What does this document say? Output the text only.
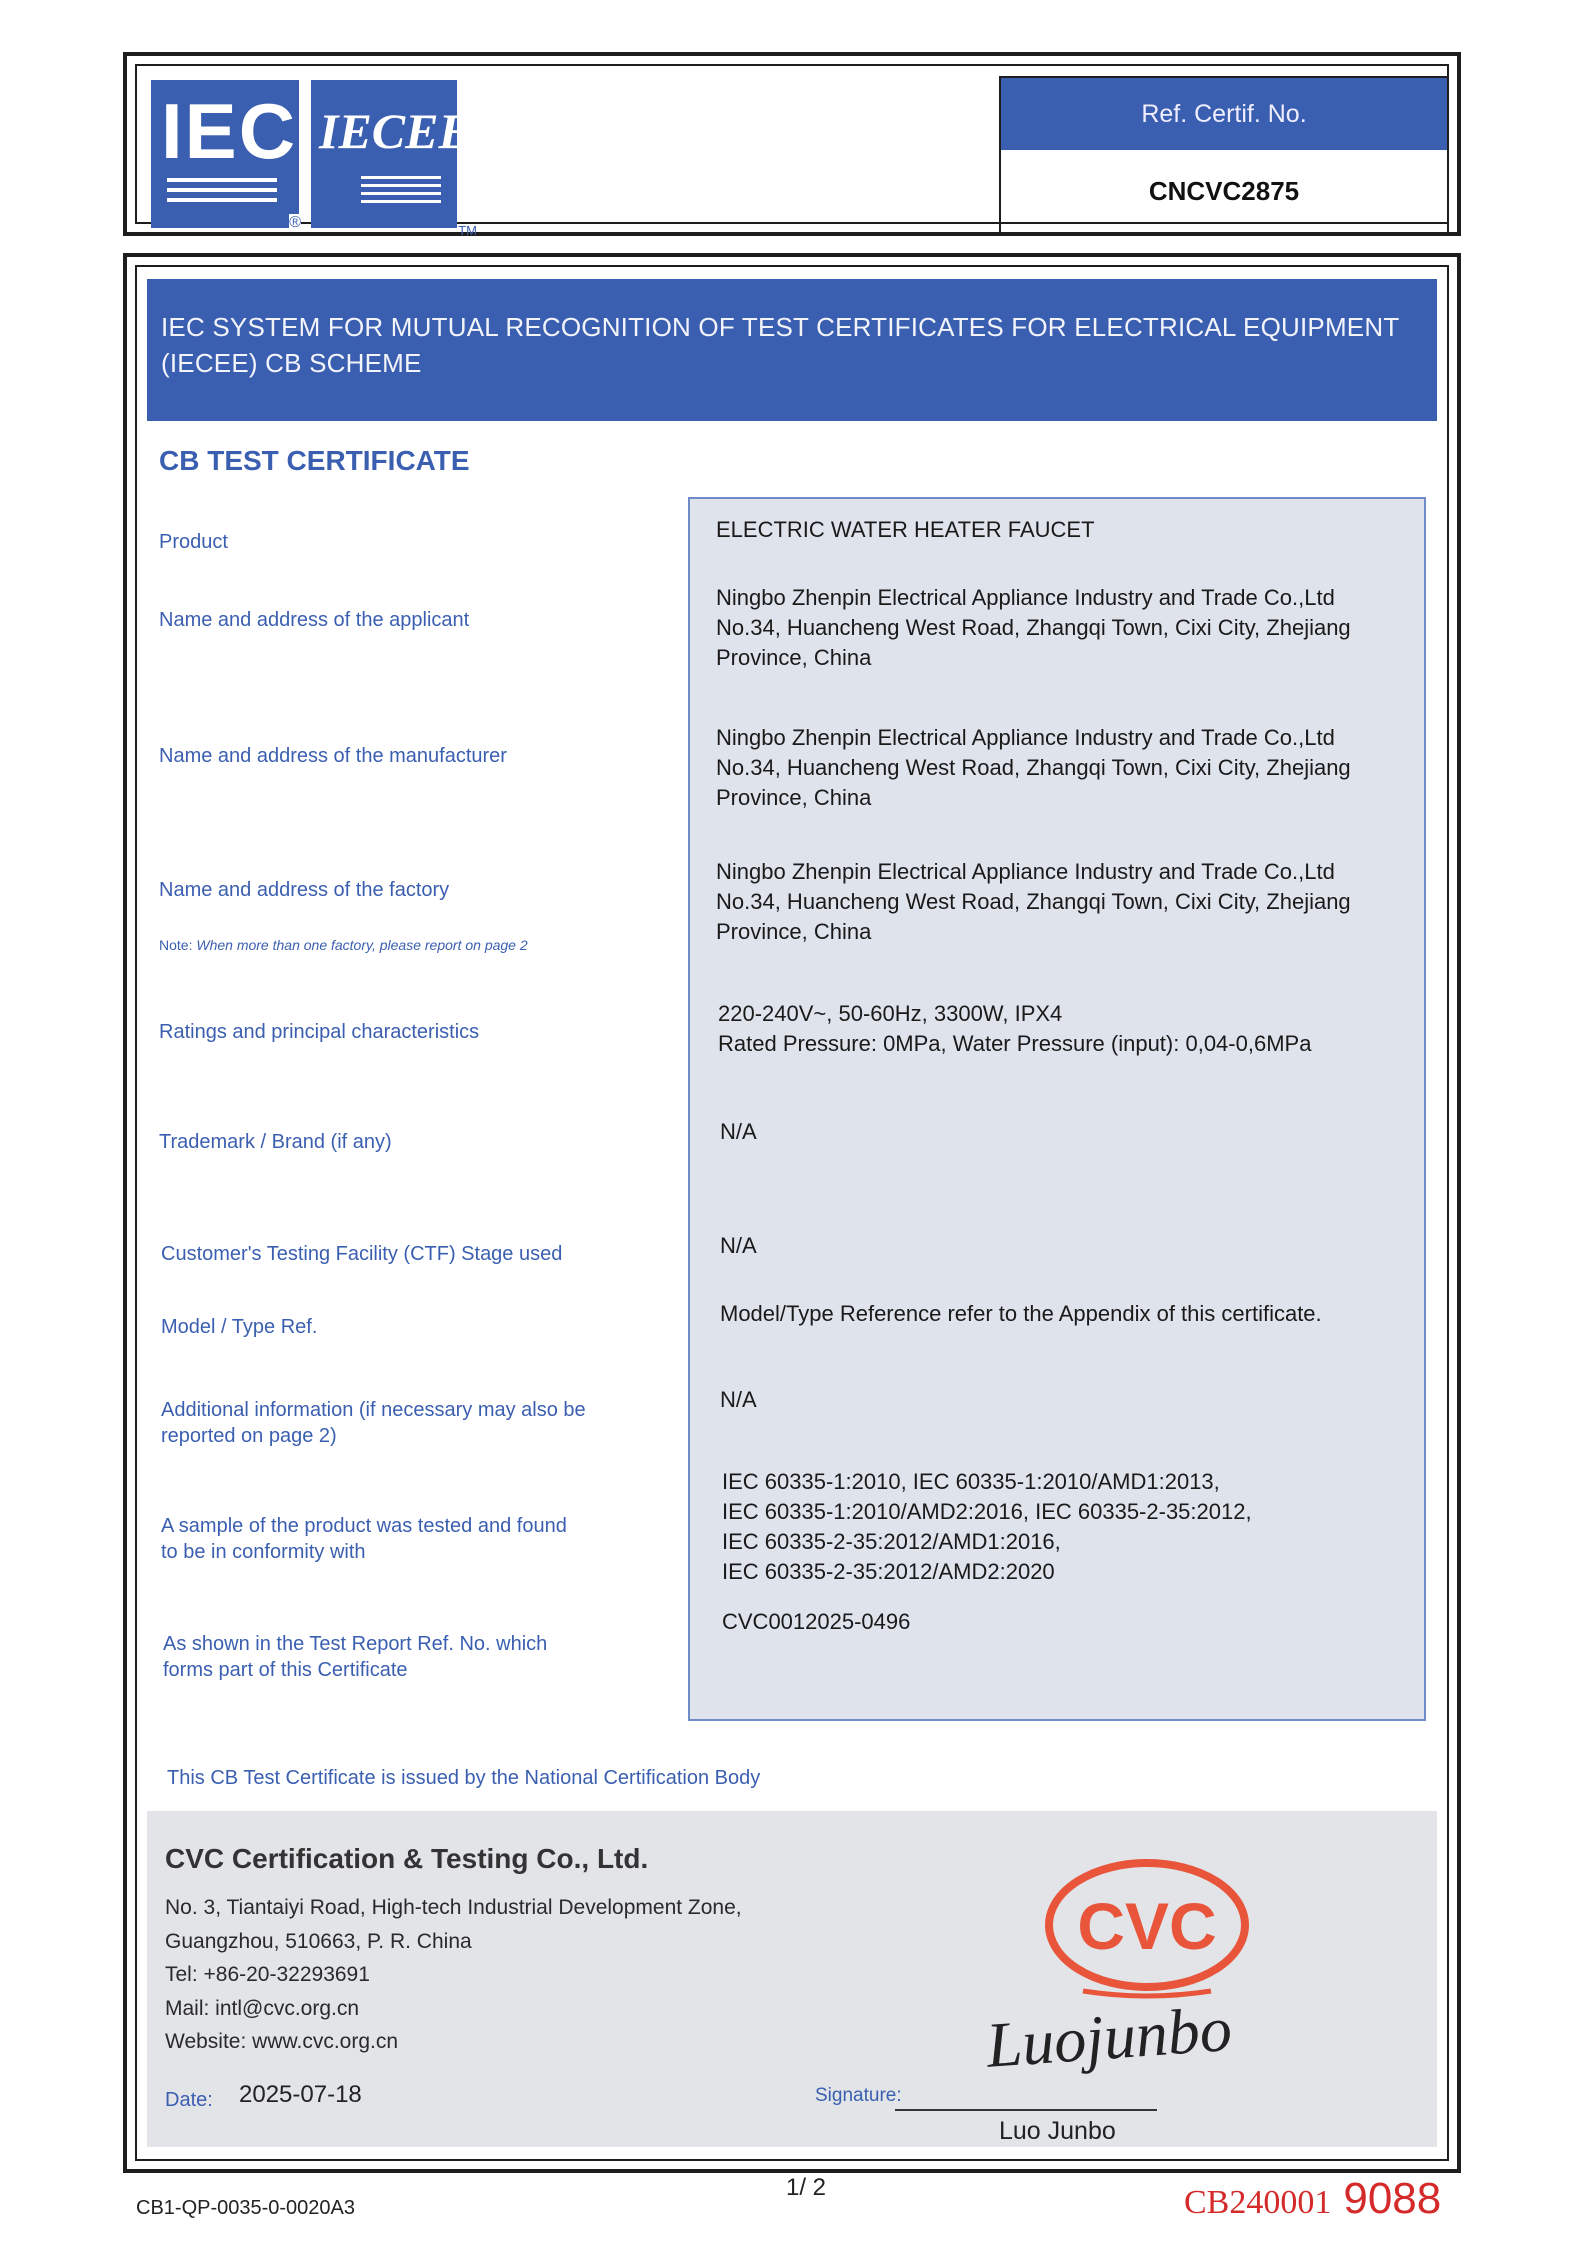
IEC
®
IECEE
TM
Ref. Certif. No.
CNCVC2875
IEC SYSTEM FOR MUTUAL RECOGNITION OF TEST CERTIFICATES FOR ELECTRICAL EQUIPMENT
(IECEE) CB SCHEME
CB TEST CERTIFICATE
Product
Name and address of the applicant
Name and address of the manufacturer
Name and address of the factory
Note: When more than one factory, please report on page 2
Ratings and principal characteristics
Trademark / Brand (if any)
Customer's Testing Facility (CTF) Stage used
Model / Type Ref.
Additional information (if necessary may also be
reported on page 2)
A sample of the product was tested and found
to be in conformity with
As shown in the Test Report Ref. No. which
forms part of this Certificate
ELECTRIC WATER HEATER FAUCET
Ningbo Zhenpin Electrical Appliance Industry and Trade Co.,Ltd
No.34, Huancheng West Road, Zhangqi Town, Cixi City, Zhejiang
Province, China
Ningbo Zhenpin Electrical Appliance Industry and Trade Co.,Ltd
No.34, Huancheng West Road, Zhangqi Town, Cixi City, Zhejiang
Province, China
Ningbo Zhenpin Electrical Appliance Industry and Trade Co.,Ltd
No.34, Huancheng West Road, Zhangqi Town, Cixi City, Zhejiang
Province, China
220-240V~, 50-60Hz, 3300W, IPX4
Rated Pressure: 0MPa, Water Pressure (input): 0,04-0,6MPa
N/A
N/A
Model/Type Reference refer to the Appendix of this certificate.
N/A
IEC 60335-1:2010, IEC 60335-1:2010/AMD1:2013,
IEC 60335-1:2010/AMD2:2016, IEC 60335-2-35:2012,
IEC 60335-2-35:2012/AMD1:2016,
IEC 60335-2-35:2012/AMD2:2020
CVC0012025-0496
This CB Test Certificate is issued by the National Certification Body
CVC Certification & Testing Co., Ltd.
No. 3, Tiantaiyi Road, High-tech Industrial Development Zone,
Guangzhou, 510663, P. R. China
Tel: +86-20-32293691
Mail: intl@cvc.org.cn
Website: www.cvc.org.cn
CVC
Date: 2025-07-18	Signature:
Luojunbo
Luo Junbo
CB1-QP-0035-0-0020A3
1/ 2	CB240001 9088
